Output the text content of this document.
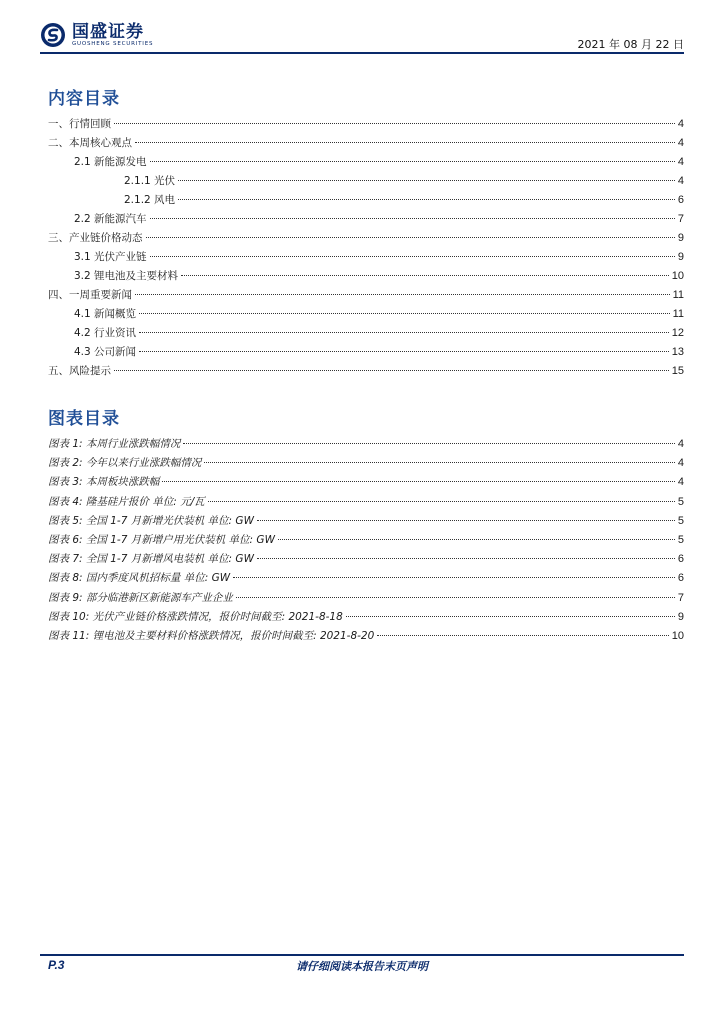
国盛证券
GUOSHENG SECURITIES	2021 年 08 月 22 日
内容目录
一、行情回顾	4
二、本周核心观点	4
2.1 新能源发电	4
2.1.1 光伏	4
2.1.2 风电	6
2.2 新能源汽车	7
三、产业链价格动态	9
3.1 光伏产业链	9
3.2 锂电池及主要材料	10
四、一周重要新闻	11
4.1 新闻概览	11
4.2 行业资讯	12
4.3 公司新闻	13
五、风险提示	15
图表目录
图表 1: 本周行业涨跌幅情况	4
图表 2: 今年以来行业涨跌幅情况	4
图表 3: 本周板块涨跌幅	4
图表 4: 隆基硅片报价 单位: 元/瓦	5
图表 5: 全国 1-7 月新增光伏装机 单位: GW	5
图表 6: 全国 1-7 月新增户用光伏装机 单位: GW	5
图表 7: 全国 1-7 月新增风电装机 单位: GW	6
图表 8: 国内季度风机招标量 单位: GW	6
图表 9: 部分临港新区新能源车产业企业	7
图表 10: 光伏产业链价格涨跌情况，报价时间截至: 2021-8-18	9
图表 11: 锂电池及主要材料价格涨跌情况，报价时间截至: 2021-8-20	10
P.3	请仔细阅读本报告末页声明
